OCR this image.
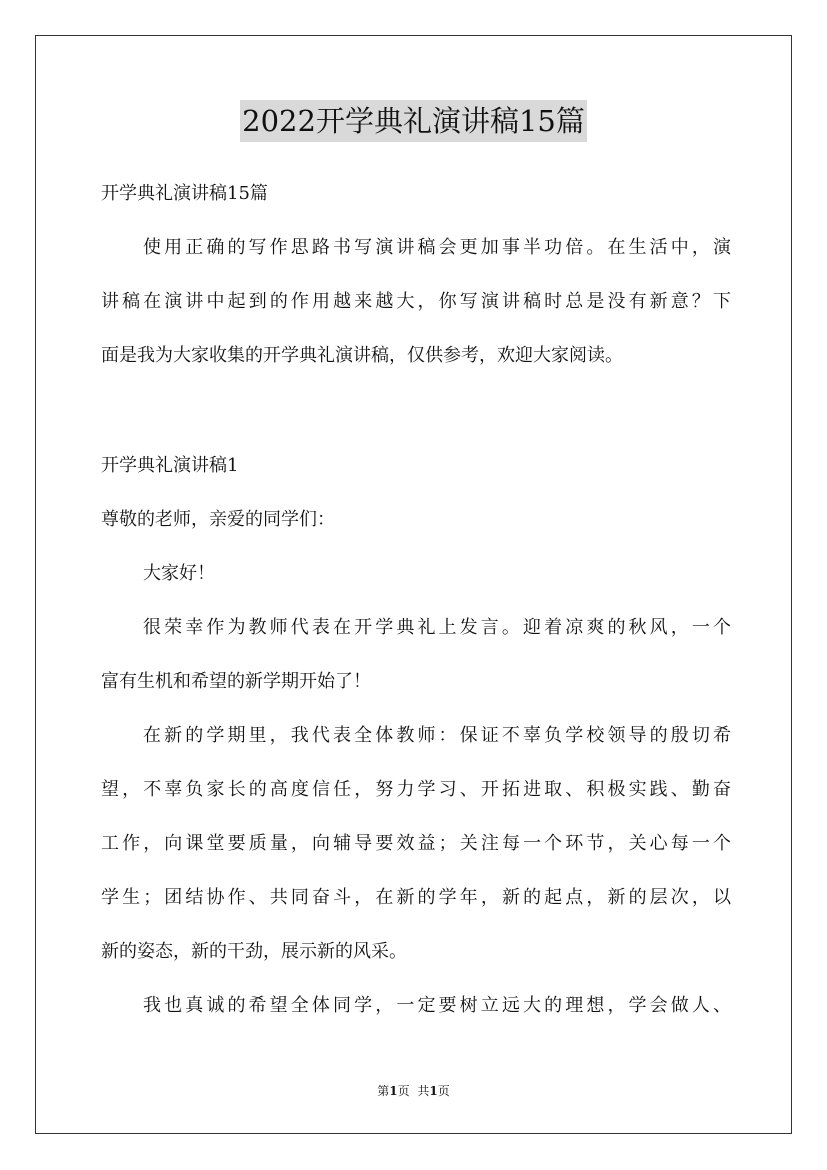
2022开学典礼演讲稿15篇
开学典礼演讲稿15篇
使用正确的写作思路书写演讲稿会更加事半功倍。在生活中，演
讲稿在演讲中起到的作用越来越大，你写演讲稿时总是没有新意？下
面是我为大家收集的开学典礼演讲稿，仅供参考，欢迎大家阅读。
开学典礼演讲稿1
尊敬的老师，亲爱的同学们：
大家好！
很荣幸作为教师代表在开学典礼上发言。迎着凉爽的秋风，一个
富有生机和希望的新学期开始了！
在新的学期里，我代表全体教师：保证不辜负学校领导的殷切希
望，不辜负家长的高度信任，努力学习、开拓进取、积极实践、勤奋
工作，向课堂要质量，向辅导要效益；关注每一个环节，关心每一个
学生；团结协作、共同奋斗，在新的学年，新的起点，新的层次，以
新的姿态，新的干劲，展示新的风采。
我也真诚的希望全体同学，一定要树立远大的理想，学会做人、
第1页 共1页
